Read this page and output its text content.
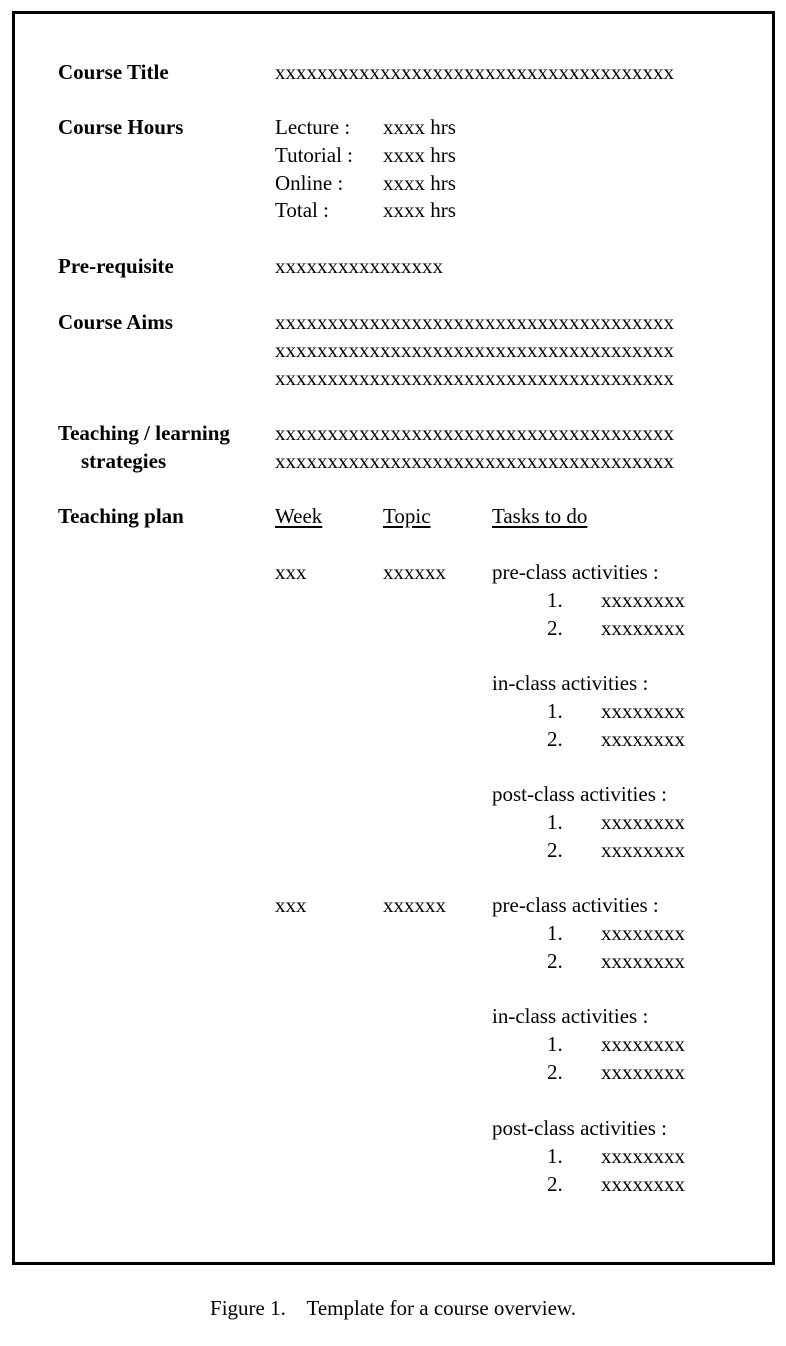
Course Title	xxxxxxxxxxxxxxxxxxxxxxxxxxxxxxxxxxxxxx
Course Hours	Lecture : xxxx hrs
Tutorial : xxxx hrs
Online : xxxx hrs
Total :	xxxx hrs
Pre-requisite	xxxxxxxxxxxxxxxx
Course Aims	xxxxxxxxxxxxxxxxxxxxxxxxxxxxxxxxxxxxxx
xxxxxxxxxxxxxxxxxxxxxxxxxxxxxxxxxxxxxx
xxxxxxxxxxxxxxxxxxxxxxxxxxxxxxxxxxxxxx
Teaching / learning
strategies
xxxxxxxxxxxxxxxxxxxxxxxxxxxxxxxxxxxxxx
xxxxxxxxxxxxxxxxxxxxxxxxxxxxxxxxxxxxxx
Teaching plan	Week	Topic	Tasks to do
xxx	xxxxxx pre-class activities :
1. xxxxxxxx
2. xxxxxxxx
in-class activities :
1. xxxxxxxx
2. xxxxxxxx
post-class activities :
1. xxxxxxxx
2. xxxxxxxx
xxx	xxxxxx pre-class activities :
1. xxxxxxxx
2. xxxxxxxx
in-class activities :
1. xxxxxxxx
2. xxxxxxxx
post-class activities :
1. xxxxxxxx
2. xxxxxxxx
Figure 1.    Template for a course overview.
